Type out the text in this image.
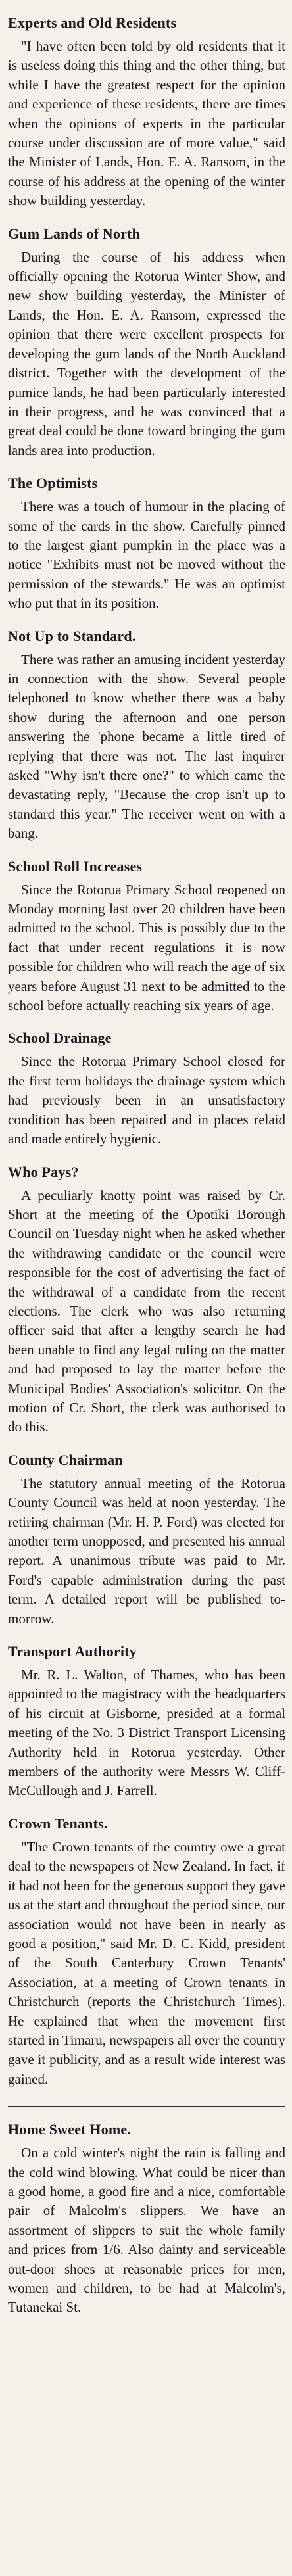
Experts and Old Residents

"I have often been told by old residents that it is useless doing this thing and the other thing, but while I have the greatest respect for the opinion and experience of these residents, there are times when the opinions of experts in the particular course under discussion are of more value," said the Minister of Lands, Hon. E. A. Ransom, in the course of his address at the opening of the winter show building yesterday.

Gum Lands of North

During the course of his address when officially opening the Rotorua Winter Show, and new show building yesterday, the Minister of Lands, the Hon. E. A. Ransom, expressed the opinion that there were excellent prospects for developing the gum lands of the North Auckland district. Together with the development of the pumice lands, he had been particularly interested in their progress, and he was convinced that a great deal could be done toward bringing the gum lands area into production.

The Optimists

There was a touch of humour in the placing of some of the cards in the show. Carefully pinned to the largest giant pumpkin in the place was a notice "Exhibits must not be moved without the permission of the stewards." He was an optimist who put that in its position.

Not Up to Standard.

There was rather an amusing incident yesterday in connection with the show. Several people telephoned to know whether there was a baby show during the afternoon and one person answering the 'phone became a little tired of replying that there was not. The last inquirer asked "Why isn't there one?" to which came the devastating reply, "Because the crop isn't up to standard this year." The receiver went on with a bang.

School Roll Increases

Since the Rotorua Primary School reopened on Monday morning last over 20 children have been admitted to the school. This is possibly due to the fact that under recent regulations it is now possible for children who will reach the age of six years before August 31 next to be admitted to the school before actually reaching six years of age.

School Drainage

Since the Rotorua Primary School closed for the first term holidays the drainage system which had previously been in an unsatisfactory condition has been repaired and in places relaid and made entirely hygienic.

Who Pays?

A peculiarly knotty point was raised by Cr. Short at the meeting of the Opotiki Borough Council on Tuesday night when he asked whether the withdrawing candidate or the council were responsible for the cost of advertising the fact of the withdrawal of a candidate from the recent elections. The clerk who was also returning officer said that after a lengthy search he had been unable to find any legal ruling on the matter and had proposed to lay the matter before the Municipal Bodies' Association's solicitor. On the motion of Cr. Short, the clerk was authorised to do this.

County Chairman

The statutory annual meeting of the Rotorua County Council was held at noon yesterday. The retiring chairman (Mr. H. P. Ford) was elected for another term unopposed, and presented his annual report. A unanimous tribute was paid to Mr. Ford's capable administration during the past term. A detailed report will be published to-morrow.

Transport Authority

Mr. R. L. Walton, of Thames, who has been appointed to the magistracy with the headquarters of his circuit at Gisborne, presided at a formal meeting of the No. 3 District Transport Licensing Authority held in Rotorua yesterday. Other members of the authority were Messrs W. Cliff-McCullough and J. Farrell.

Crown Tenants.

"The Crown tenants of the country owe a great deal to the newspapers of New Zealand. In fact, if it had not been for the generous support they gave us at the start and throughout the period since, our association would not have been in nearly as good a position," said Mr. D. C. Kidd, president of the South Canterbury Crown Tenants' Association, at a meeting of Crown tenants in Christchurch (reports the Christchurch Times). He explained that when the movement first started in Timaru, newspapers all over the country gave it publicity, and as a result wide interest was gained.

Home Sweet Home.

On a cold winter's night the rain is falling and the cold wind blowing. What could be nicer than a good home, a good fire and a nice, comfortable pair of Malcolm's slippers. We have an assortment of slippers to suit the whole family and prices from 1/6. Also dainty and serviceable out-door shoes at reasonable prices for men, women and children, to be had at Malcolm's, Tutanekai St.
